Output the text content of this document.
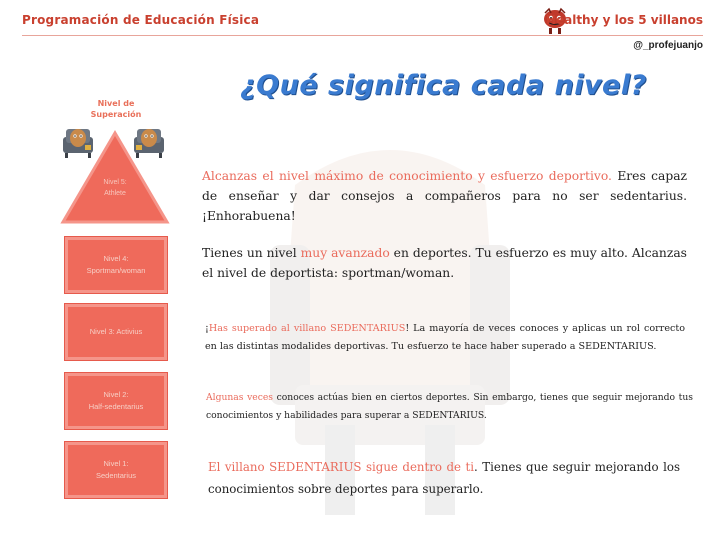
Programación de Educación Física	Healthy y los 5 villanos
@_profejuanjo
¿Qué significa cada nivel?
Nivel de
Superación
Nivel 5:
Athlete
Nivel 4:
Sportman/woman
Nivel 3: Activius
Nivel 2:
Half-sedentarius
Nivel 1:
Sedentarius
Alcanzas el nivel máximo de conocimiento y esfuerzo deportivo. Eres capaz de enseñar y dar consejos a compañeros para no ser sedentarius. ¡Enhorabuena!
Tienes un nivel muy avanzado en deportes. Tu esfuerzo es muy alto. Alcanzas el nivel de deportista: sportman/woman.
¡Has superado al villano SEDENTARIUS! La mayoría de veces conoces y aplicas un rol correcto en las distintas modalides deportivas. Tu esfuerzo te hace haber superado a SEDENTARIUS.
Algunas veces conoces actúas bien en ciertos deportes. Sin embargo, tienes que seguir mejorando tus conocimientos y habilidades para superar a SEDENTARIUS.
El villano SEDENTARIUS sigue dentro de ti. Tienes que seguir mejorando los conocimientos sobre deportes para superarlo.
